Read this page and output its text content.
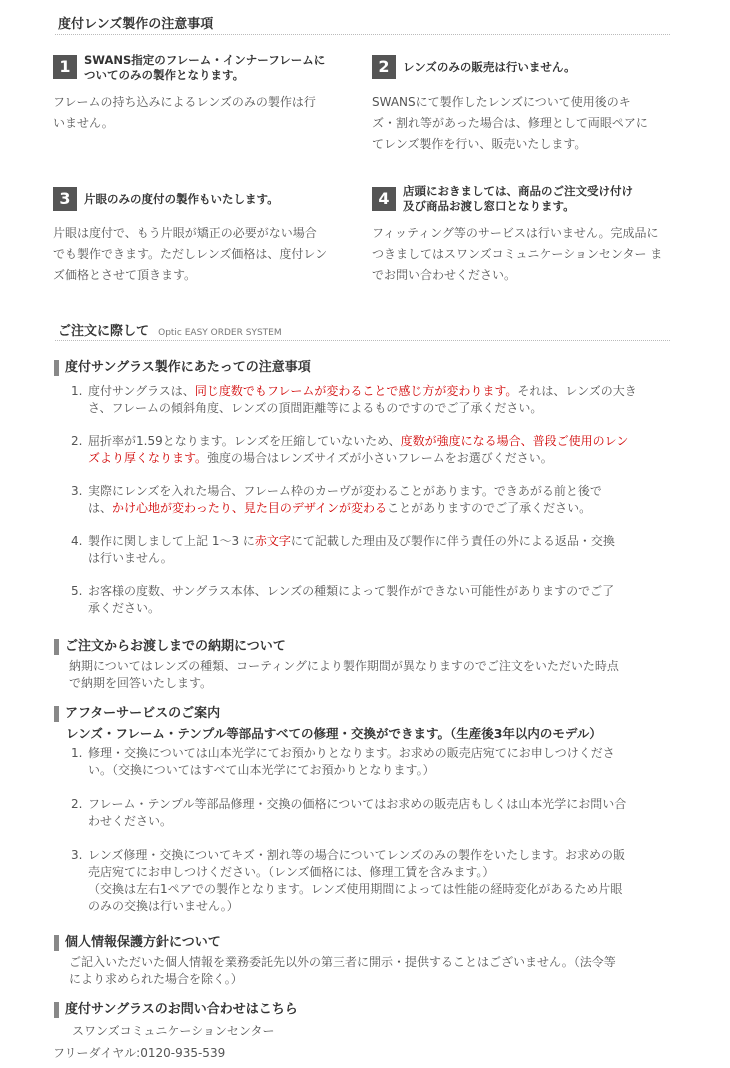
度付レンズ製作の注意事項
1	SWANS指定のフレーム・インナーフレームに
ついてのみの製作となります。
フレームの持ち込みによるレンズのみの製作は行
いません。
2	レンズのみの販売は行いません。
SWANSにて製作したレンズについて使用後のキ
ズ・割れ等があった場合は、修理として両眼ペアに
てレンズ製作を行い、販売いたします。
3	片眼のみの度付の製作もいたします。
片眼は度付で、もう片眼が矯正の必要がない場合
でも製作できます。ただしレンズ価格は、度付レン
ズ価格とさせて頂きます。
4	店頭におきましては、商品のご注文受け付け
及び商品お渡し窓口となります。
フィッティング等のサービスは行いません。完成品に
つきましてはスワンズコミュニケーションセンター ま
でお問い合わせください。
ご注文に際して Optic EASY ORDER SYSTEM
度付サングラス製作にあたっての注意事項
1. 度付サングラスは、同じ度数でもフレームが変わることで感じ方が変わります。それは、レンズの大き
さ、フレームの傾斜角度、レンズの頂間距離等によるものですのでご了承ください。
2. 屈折率が1.59となります。レンズを圧縮していないため、度数が強度になる場合、普段ご使用のレン
ズより厚くなります。強度の場合はレンズサイズが小さいフレームをお選びください。
3. 実際にレンズを入れた場合、フレーム枠のカーヴが変わることがあります。できあがる前と後で
は、かけ心地が変わったり、見た目のデザインが変わることがありますのでご了承ください。
4. 製作に関しまして上記 1～3 に赤文字にて記載した理由及び製作に伴う責任の外による返品・交換
は行いません。
5. お客様の度数、サングラス本体、レンズの種類によって製作ができない可能性がありますのでご了
承ください。
ご注文からお渡しまでの納期について
納期についてはレンズの種類、コーティングにより製作期間が異なりますのでご注文をいただいた時点
で納期を回答いたします。
アフターサービスのご案内
レンズ・フレーム・テンプル等部品すべての修理・交換ができます。（生産後3年以内のモデル）
1. 修理・交換については山本光学にてお預かりとなります。お求めの販売店宛てにお申しつけくださ
い。（交換についてはすべて山本光学にてお預かりとなります。）
2. フレーム・テンプル等部品修理・交換の価格についてはお求めの販売店もしくは山本光学にお問い合
わせください。
3. レンズ修理・交換についてキズ・割れ等の場合についてレンズのみの製作をいたします。お求めの販
売店宛てにお申しつけください。（レンズ価格には、修理工賃を含みます。）
（交換は左右1ペアでの製作となります。レンズ使用期間によっては性能の経時変化があるため片眼
のみの交換は行いません。）
個人情報保護方針について
ご記入いただいた個人情報を業務委託先以外の第三者に開示・提供することはございません。（法令等
により求められた場合を除く。）
度付サングラスのお問い合わせはこちら
スワンズコミュニケーションセンター
フリーダイヤル:0120-935-539
